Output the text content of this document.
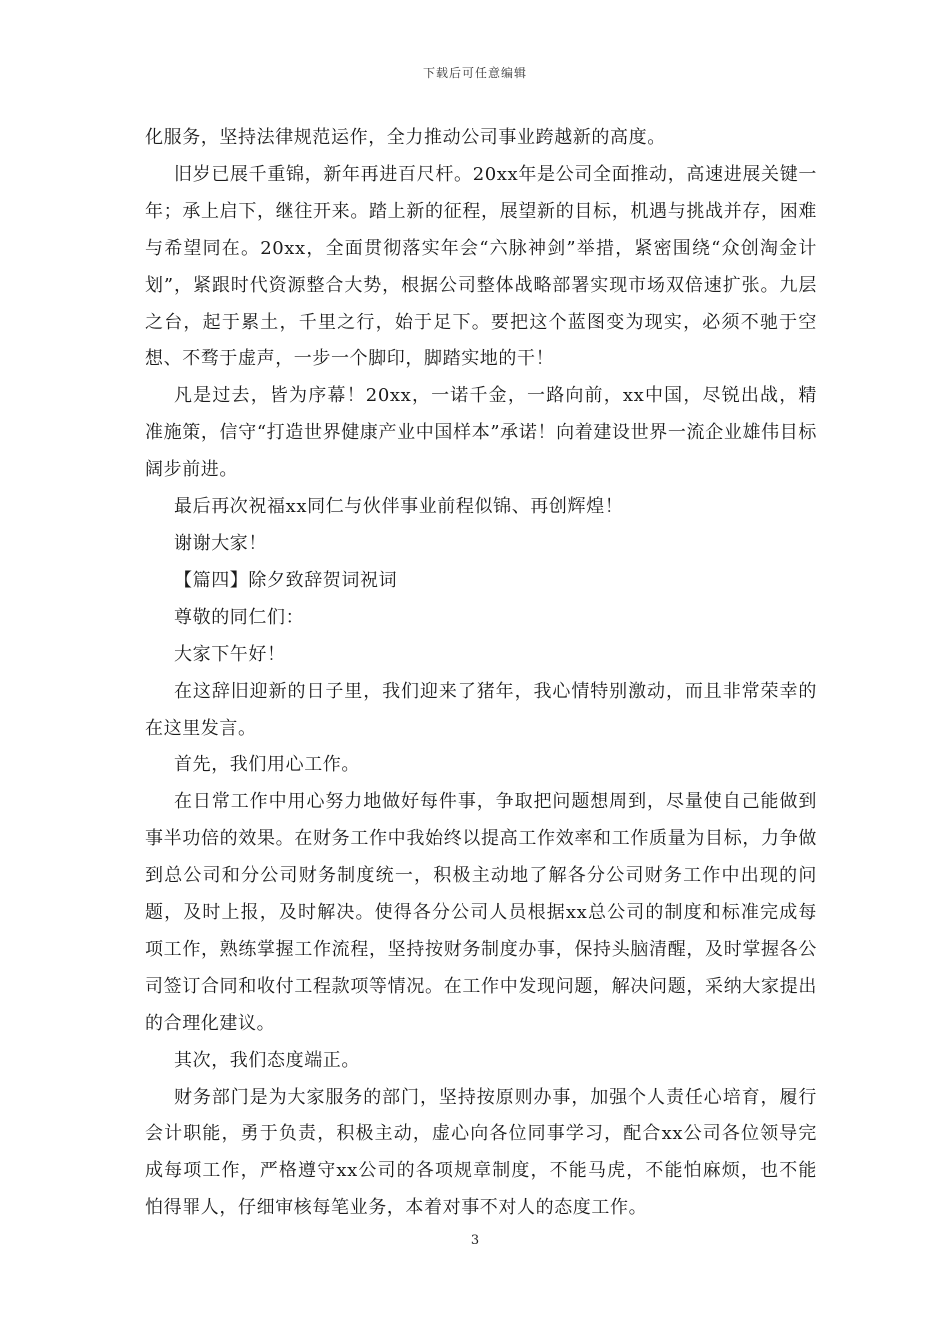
下载后可任意编辑

化服务，坚持法律规范运作，全力推动公司事业跨越新的高度。

旧岁已展千重锦，新年再进百尺杆。20xx年是公司全面推动，高速进展关键一年；承上启下，继往开来。踏上新的征程，展望新的目标，机遇与挑战并存，困难与希望同在。20xx，全面贯彻落实年会“六脉神剑”举措，紧密围绕“众创淘金计划”，紧跟时代资源整合大势，根据公司整体战略部署实现市场双倍速扩张。九层之台，起于累土，千里之行，始于足下。要把这个蓝图变为现实，必须不驰于空想、不骛于虚声，一步一个脚印，脚踏实地的干！

凡是过去，皆为序幕！20xx，一诺千金，一路向前，xx中国，尽锐出战，精准施策，信守“打造世界健康产业中国样本”承诺！向着建设世界一流企业雄伟目标阔步前进。

最后再次祝福xx同仁与伙伴事业前程似锦、再创辉煌！

谢谢大家！

【篇四】除夕致辞贺词祝词

尊敬的同仁们：

大家下午好！

在这辞旧迎新的日子里，我们迎来了猪年，我心情特别激动，而且非常荣幸的在这里发言。

首先，我们用心工作。

在日常工作中用心努力地做好每件事，争取把问题想周到，尽量使自己能做到事半功倍的效果。在财务工作中我始终以提高工作效率和工作质量为目标，力争做到总公司和分公司财务制度统一，积极主动地了解各分公司财务工作中出现的问题，及时上报，及时解决。使得各分公司人员根据xx总公司的制度和标准完成每项工作，熟练掌握工作流程，坚持按财务制度办事，保持头脑清醒，及时掌握各公司签订合同和收付工程款项等情况。在工作中发现问题，解决问题，采纳大家提出的合理化建议。

其次，我们态度端正。

财务部门是为大家服务的部门，坚持按原则办事，加强个人责任心培育，履行会计职能，勇于负责，积极主动，虚心向各位同事学习，配合xx公司各位领导完成每项工作，严格遵守xx公司的各项规章制度，不能马虎，不能怕麻烦，也不能怕得罪人，仔细审核每笔业务，本着对事不对人的态度工作。

3
